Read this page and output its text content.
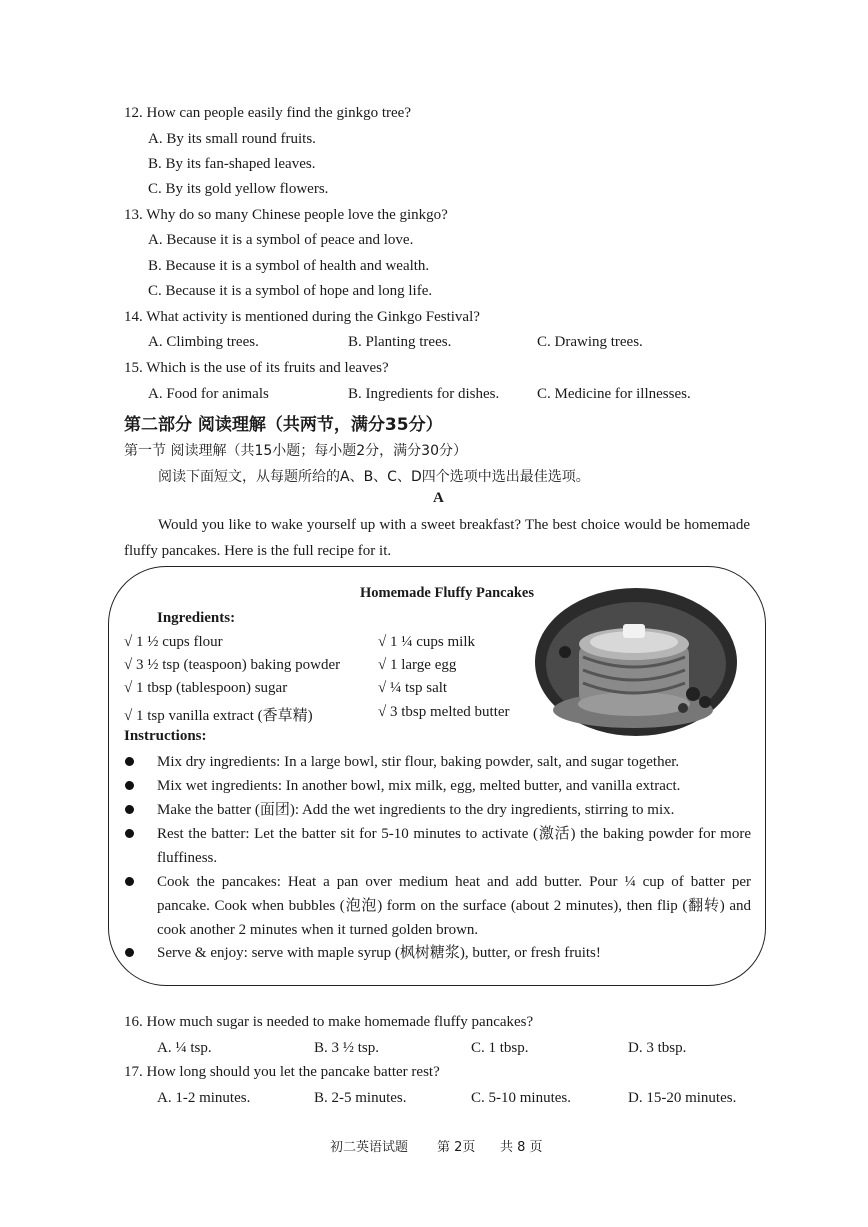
12. How can people easily find the ginkgo tree?
A. By its small round fruits.
B. By its fan-shaped leaves.
C. By its gold yellow flowers.
13. Why do so many Chinese people love the ginkgo?
A. Because it is a symbol of peace and love.
B. Because it is a symbol of health and wealth.
C. Because it is a symbol of hope and long life.
14. What activity is mentioned during the Ginkgo Festival?
A. Climbing trees.	B. Planting trees.	C. Drawing trees.
15. Which is the use of its fruits and leaves?
A. Food for animals	B. Ingredients for dishes.	C. Medicine for illnesses.
第二部分 阅读理解（共两节，满分35分）
第一节 阅读理解（共15小题；每小题2分，满分30分）
阅读下面短文，从每题所给的A、B、C、D四个选项中选出最佳选项。
A
Would you like to wake yourself up with a sweet breakfast? The best choice would be homemade fluffy pancakes. Here is the full recipe for it.
Homemade Fluffy Pancakes
Ingredients:
√ 1 ½ cups flour
√ 3 ½ tsp (teaspoon) baking powder
√ 1 tbsp (tablespoon) sugar
√ 1 tsp vanilla extract (香草精)
√ 1 ¼ cups milk
√ 1 large egg
√ ¼ tsp salt
√ 3 tbsp melted butter
Instructions:
Mix dry ingredients: In a large bowl, stir flour, baking powder, salt, and sugar together.
Mix wet ingredients: In another bowl, mix milk, egg, melted butter, and vanilla extract.
Make the batter (面团): Add the wet ingredients to the dry ingredients, stirring to mix.
Rest the batter: Let the batter sit for 5-10 minutes to activate (激活) the baking powder for more fluffiness.
Cook the pancakes: Heat a pan over medium heat and add butter. Pour ¼ cup of batter per pancake. Cook when bubbles (泡泡) form on the surface (about 2 minutes), then flip (翻转) and cook another 2 minutes when it turned golden brown.
Serve & enjoy: serve with maple syrup (枫树糖浆), butter, or fresh fruits!
16. How much sugar is needed to make homemade fluffy pancakes?
A. ¼ tsp.	B. 3 ½ tsp.	C. 1 tbsp.	D. 3 tbsp.
17. How long should you let the pancake batter rest?
A. 1-2 minutes.	B. 2-5 minutes.	C. 5-10 minutes.	D. 15-20 minutes.
初二英语试题 第 2页 共 8 页
